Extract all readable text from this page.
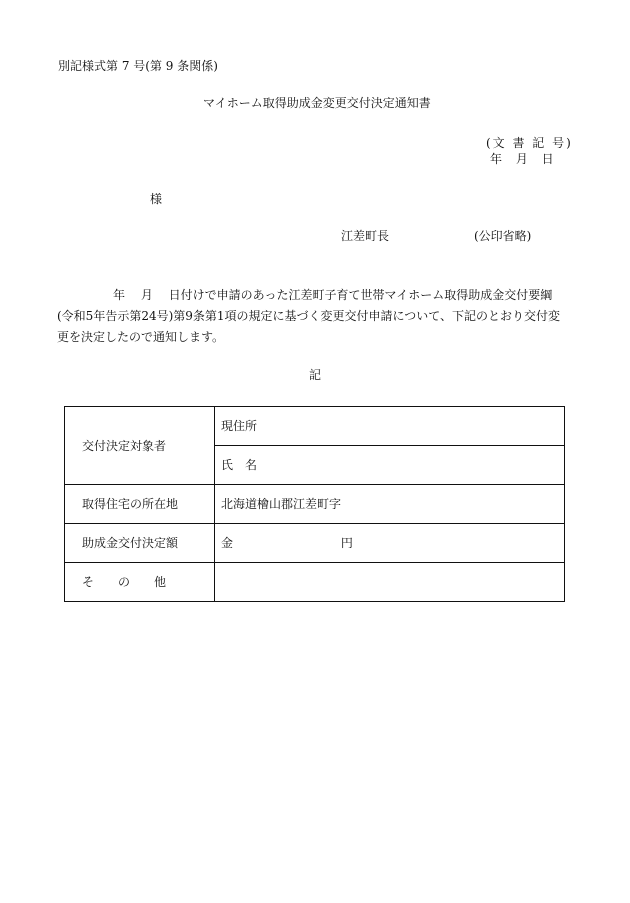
別記様式第 7 号(第 9 条関係)
マイホーム取得助成金変更交付決定通知書
(文 書 記 号)
年 月 日
様
江差町長	(公印省略)
年 　月 　日付けで申請のあった江差町子育て世帯マイホーム取得助成金交付要綱
(令和5年告示第24号)第9条第1項の規定に基づく変更交付申請について、下記のとおり交付変
更を決定したので通知します。
記
交付決定対象者	現住所
	氏　名
取得住宅の所在地	北海道檜山郡江差町字
助成金交付決定額	金 円
そ　　の　　他	
